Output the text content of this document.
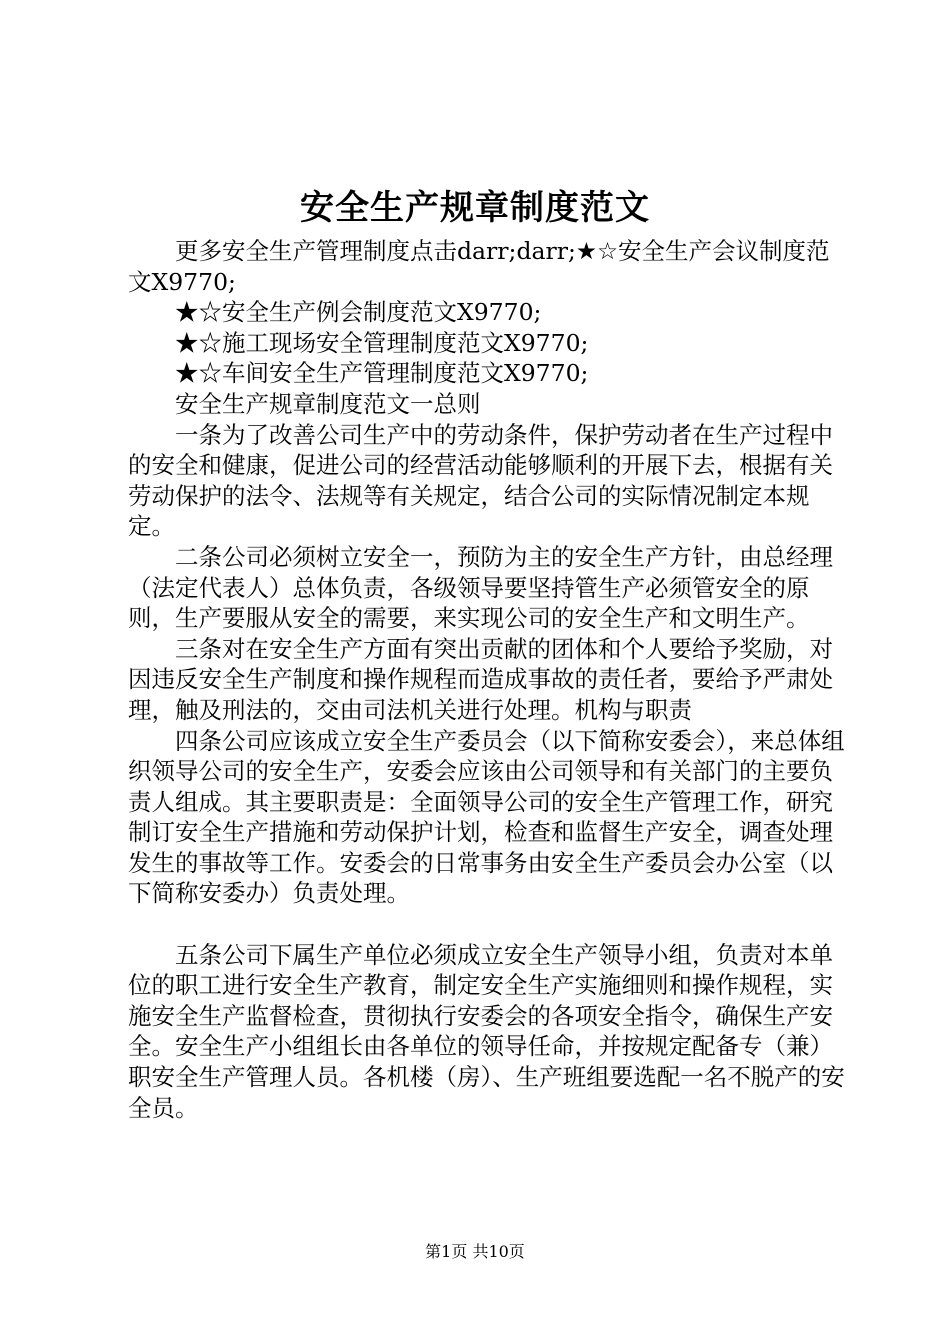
安全生产规章制度范文

更多安全生产管理制度点击darr;darr;★☆安全生产会议制度范文X9770;

★☆安全生产例会制度范文X9770;

★☆施工现场安全管理制度范文X9770;

★☆车间安全生产管理制度范文X9770;

安全生产规章制度范文一总则

一条为了改善公司生产中的劳动条件，保护劳动者在生产过程中的安全和健康，促进公司的经营活动能够顺利的开展下去，根据有关劳动保护的法令、法规等有关规定，结合公司的实际情况制定本规定。

二条公司必须树立安全一，预防为主的安全生产方针，由总经理（法定代表人）总体负责，各级领导要坚持管生产必须管安全的原则，生产要服从安全的需要，来实现公司的安全生产和文明生产。

三条对在安全生产方面有突出贡献的团体和个人要给予奖励，对因违反安全生产制度和操作规程而造成事故的责任者，要给予严肃处理，触及刑法的，交由司法机关进行处理。机构与职责

四条公司应该成立安全生产委员会（以下简称安委会），来总体组织领导公司的安全生产，安委会应该由公司领导和有关部门的主要负责人组成。其主要职责是：全面领导公司的安全生产管理工作，研究制订安全生产措施和劳动保护计划，检查和监督生产安全，调查处理发生的事故等工作。安委会的日常事务由安全生产委员会办公室（以下简称安委办）负责处理。

五条公司下属生产单位必须成立安全生产领导小组，负责对本单位的职工进行安全生产教育，制定安全生产实施细则和操作规程，实施安全生产监督检查，贯彻执行安委会的各项安全指令，确保生产安全。安全生产小组组长由各单位的领导任命，并按规定配备专（兼）职安全生产管理人员。各机楼（房）、生产班组要选配一名不脱产的安全员。

第1页 共10页
